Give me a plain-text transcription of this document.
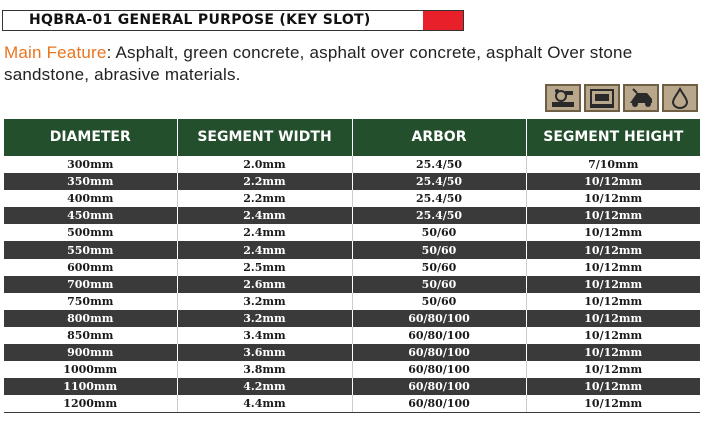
HQBRA-01 GENERAL PURPOSE (KEY SLOT)
Main Feature: Asphalt, green concrete, asphalt over concrete, asphalt Over stone sandstone, abrasive materials.
DIAMETER	SEGMENT WIDTH	ARBOR	SEGMENT HEIGHT
300mm	2.0mm	25.4/50	7/10mm
350mm	2.2mm	25.4/50	10/12mm
400mm	2.2mm	25.4/50	10/12mm
450mm	2.4mm	25.4/50	10/12mm
500mm	2.4mm	50/60	10/12mm
550mm	2.4mm	50/60	10/12mm
600mm	2.5mm	50/60	10/12mm
700mm	2.6mm	50/60	10/12mm
750mm	3.2mm	50/60	10/12mm
800mm	3.2mm	60/80/100	10/12mm
850mm	3.4mm	60/80/100	10/12mm
900mm	3.6mm	60/80/100	10/12mm
1000mm	3.8mm	60/80/100	10/12mm
1100mm	4.2mm	60/80/100	10/12mm
1200mm	4.4mm	60/80/100	10/12mm
